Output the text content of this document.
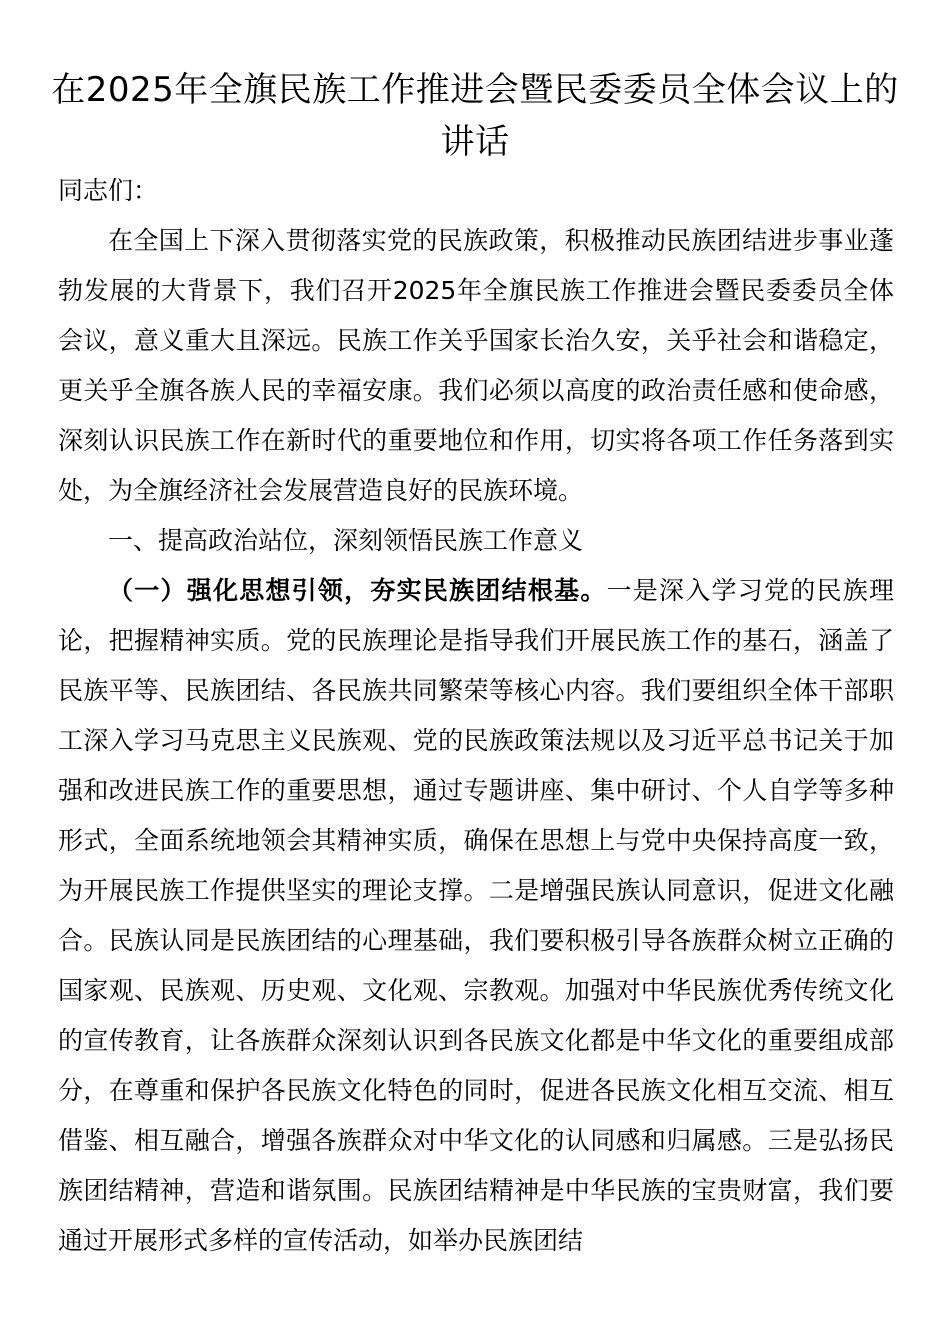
在2025年全旗民族工作推进会暨民委委员全体会议上的讲话

同志们：

在全国上下深入贯彻落实党的民族政策，积极推动民族团结进步事业蓬勃发展的大背景下，我们召开2025年全旗民族工作推进会暨民委委员全体会议，意义重大且深远。民族工作关乎国家长治久安，关乎社会和谐稳定，更关乎全旗各族人民的幸福安康。我们必须以高度的政治责任感和使命感，深刻认识民族工作在新时代的重要地位和作用，切实将各项工作任务落到实处，为全旗经济社会发展营造良好的民族环境。

一、提高政治站位，深刻领悟民族工作意义

（一）强化思想引领，夯实民族团结根基。一是深入学习党的民族理论，把握精神实质。党的民族理论是指导我们开展民族工作的基石，涵盖了民族平等、民族团结、各民族共同繁荣等核心内容。我们要组织全体干部职工深入学习马克思主义民族观、党的民族政策法规以及习近平总书记关于加强和改进民族工作的重要思想，通过专题讲座、集中研讨、个人自学等多种形式，全面系统地领会其精神实质，确保在思想上与党中央保持高度一致，为开展民族工作提供坚实的理论支撑。二是增强民族认同意识，促进文化融合。民族认同是民族团结的心理基础，我们要积极引导各族群众树立正确的国家观、民族观、历史观、文化观、宗教观。加强对中华民族优秀传统文化的宣传教育，让各族群众深刻认识到各民族文化都是中华文化的重要组成部分，在尊重和保护各民族文化特色的同时，促进各民族文化相互交流、相互借鉴、相互融合，增强各族群众对中华文化的认同感和归属感。三是弘扬民族团结精神，营造和谐氛围。民族团结精神是中华民族的宝贵财富，我们要通过开展形式多样的宣传活动，如举办民族团结
